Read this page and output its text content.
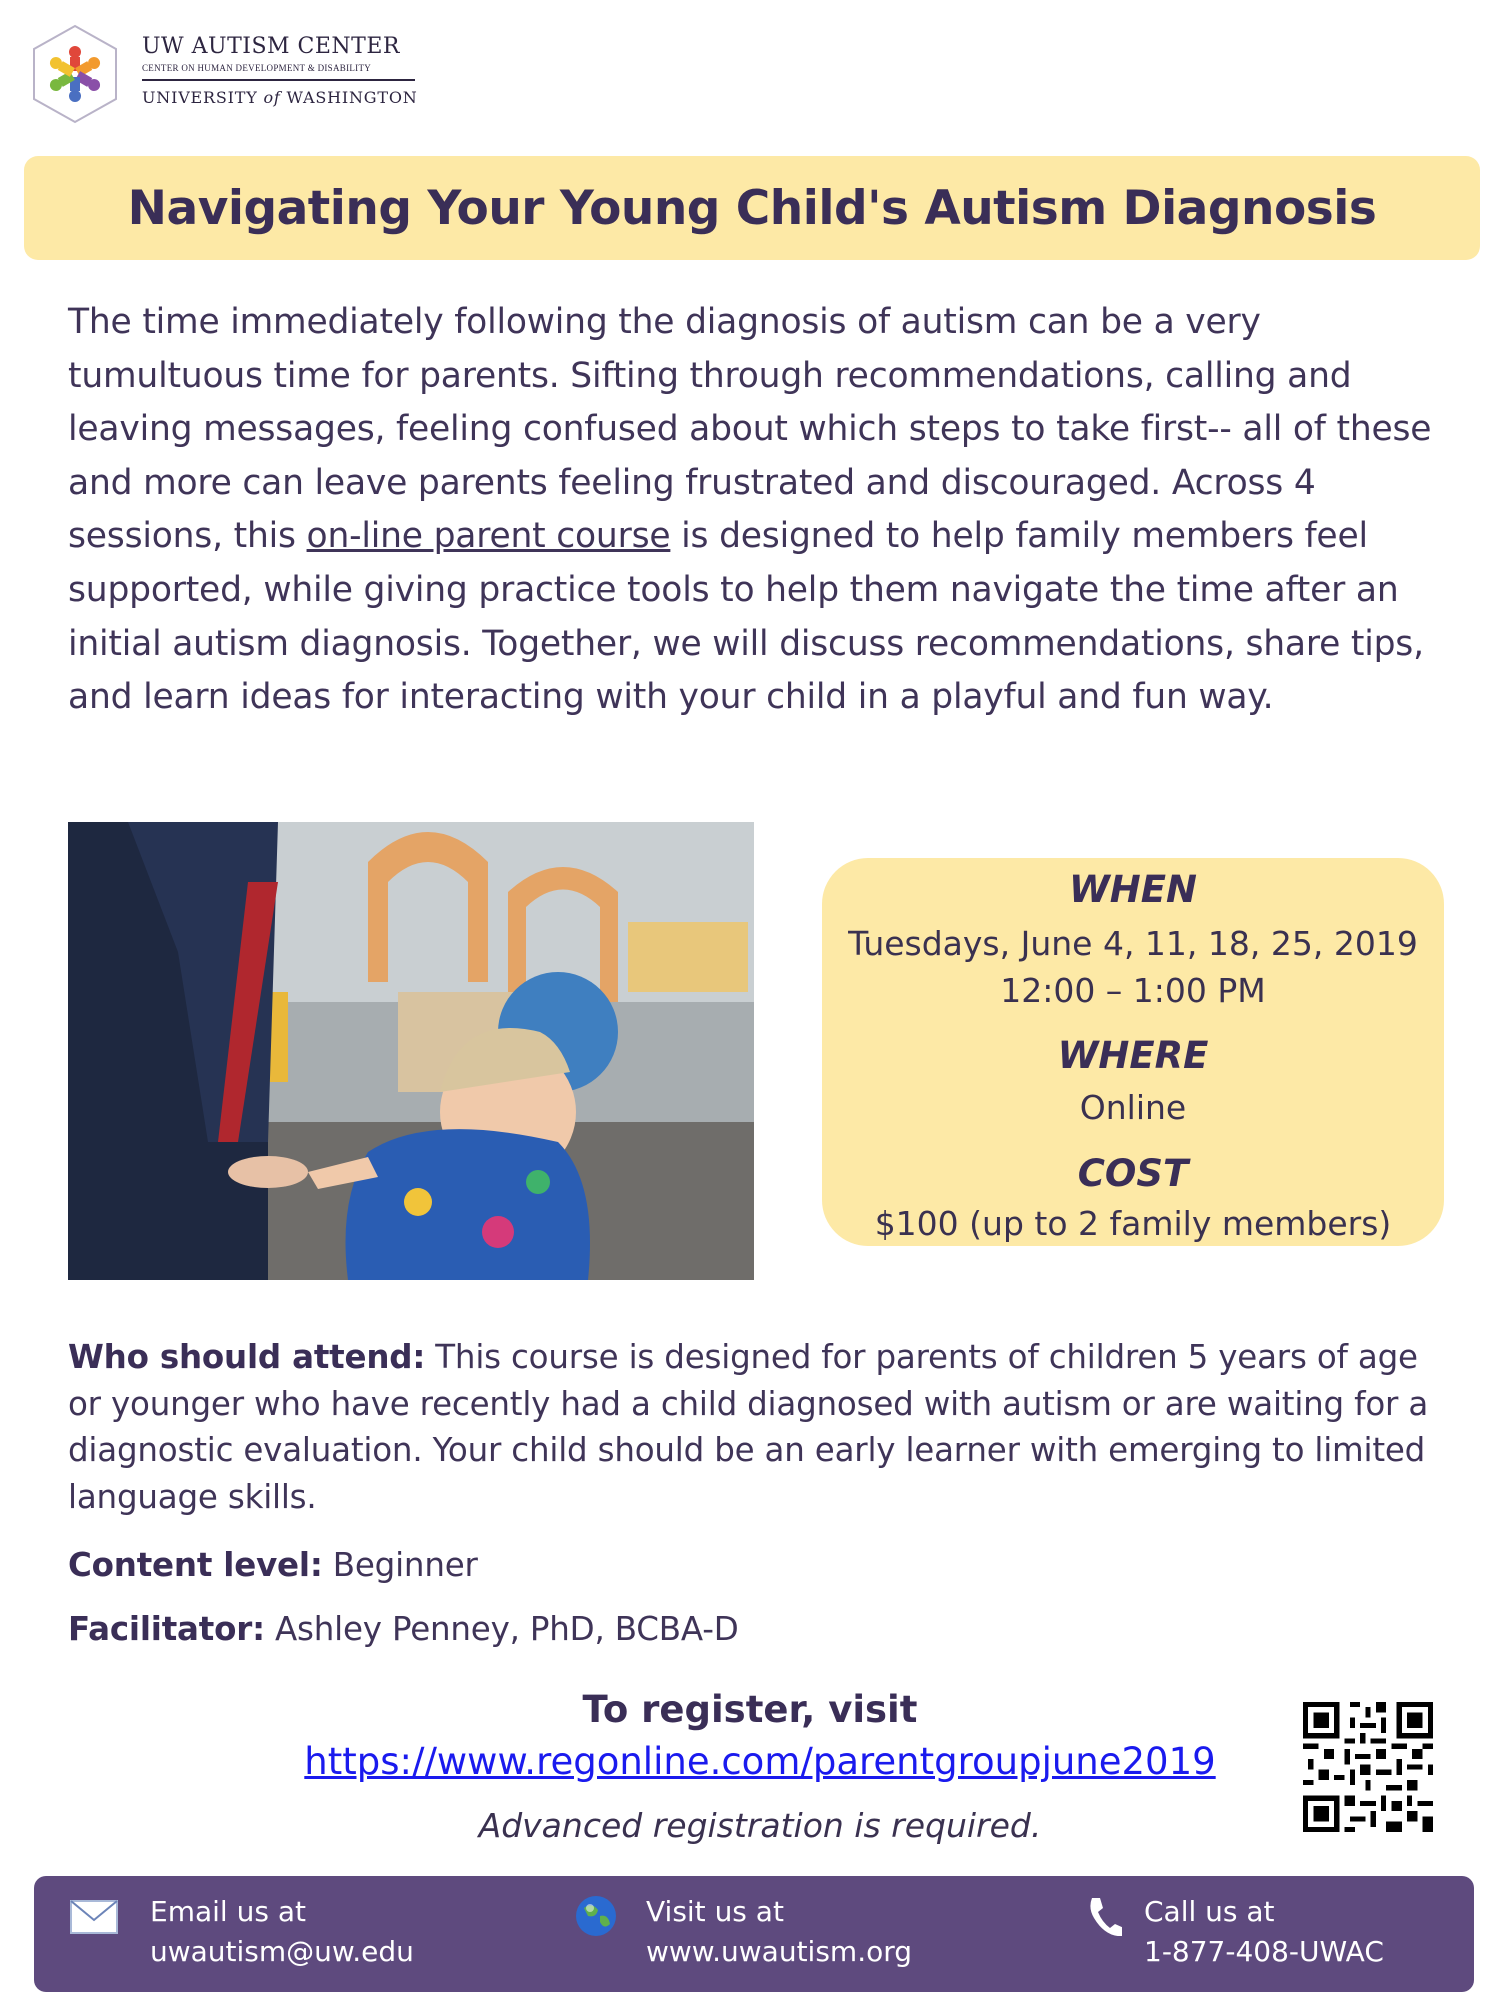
UW AUTISM CENTER
CENTER ON HUMAN DEVELOPMENT & DISABILITY
UNIVERSITY of WASHINGTON
Navigating Your Young Child's Autism Diagnosis
The time immediately following the diagnosis of autism can be a very tumultuous time for parents. Sifting through recommendations, calling and leaving messages, feeling confused about which steps to take first-- all of these and more can leave parents feeling frustrated and discouraged. Across 4 sessions, this on-line parent course is designed to help family members feel supported, while giving practice tools to help them navigate the time after an initial autism diagnosis. Together, we will discuss recommendations, share tips, and learn ideas for interacting with your child in a playful and fun way.
WHEN
Tuesdays, June 4, 11, 18, 25, 2019
12:00 – 1:00 PM
WHERE
Online
COST
$100 (up to 2 family members)
Who should attend: This course is designed for parents of children 5 years of age or younger who have recently had a child diagnosed with autism or are waiting for a diagnostic evaluation. Your child should be an early learner with emerging to limited language skills.
Content level: Beginner
Facilitator: Ashley Penney, PhD, BCBA-D
To register, visit
https://www.regonline.com/parentgroupjune2019
Advanced registration is required.
Email us at
uwautism@uw.edu
Visit us at
www.uwautism.org
Call us at
1-877-408-UWAC
